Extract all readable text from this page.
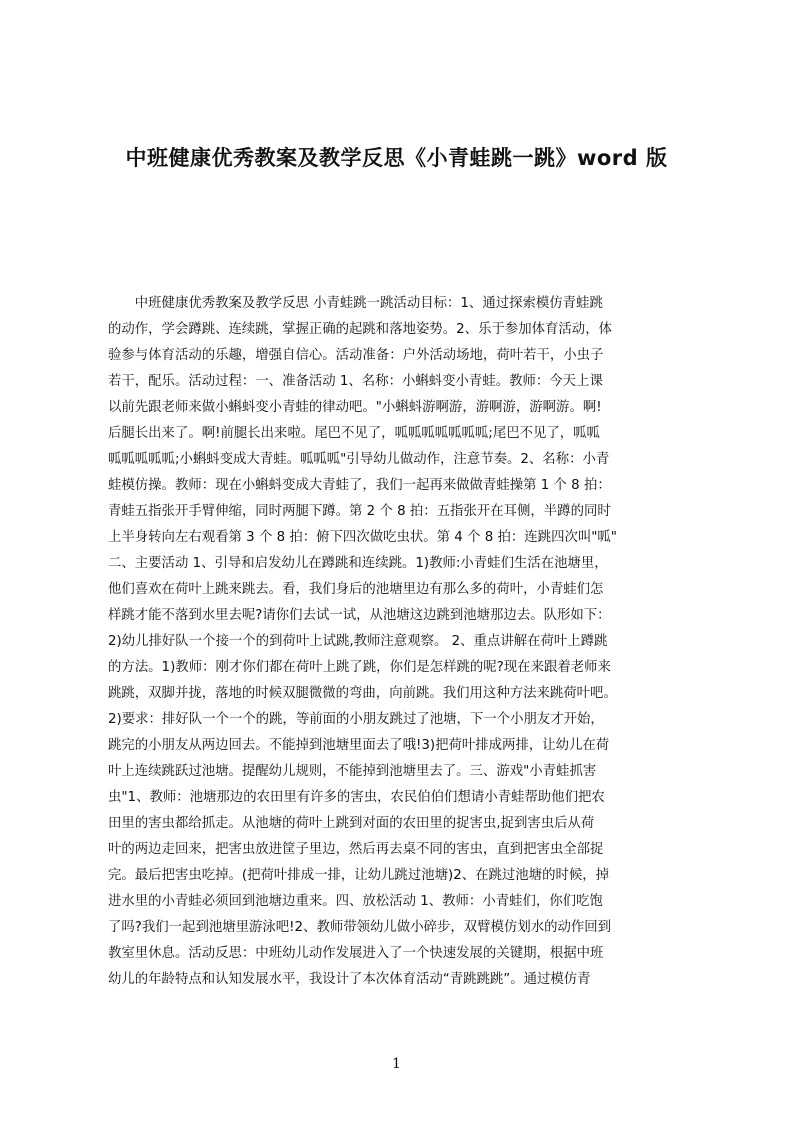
中班健康优秀教案及教学反思《小青蛙跳一跳》word 版
　　中班健康优秀教案及教学反思 小青蛙跳一跳活动目标：1、通过探索模仿青蛙跳
的动作，学会蹲跳、连续跳，掌握正确的起跳和落地姿势。2、乐于参加体育活动，体
验参与体育活动的乐趣，增强自信心。活动准备：户外活动场地，荷叶若干，小虫子
若干，配乐。活动过程：一、准备活动 1、名称：小蝌蚪变小青蛙。教师：今天上课
以前先跟老师来做小蝌蚪变小青蛙的律动吧。"小蝌蚪游啊游，游啊游，游啊游。啊!
后腿长出来了。啊!前腿长出来啦。尾巴不见了，呱呱呱呱呱呱呱;尾巴不见了，呱呱
呱呱呱呱呱;小蝌蚪变成大青蛙。呱呱呱"引导幼儿做动作，注意节奏。2、名称：小青
蛙模仿操。教师：现在小蝌蚪变成大青蛙了，我们一起再来做做青蛙操第 1 个 8 拍：
青蛙五指张开手臂伸缩，同时两腿下蹲。第 2 个 8 拍：五指张开在耳侧，半蹲的同时
上半身转向左右观看第 3 个 8 拍：俯下四次做吃虫状。第 4 个 8 拍：连跳四次叫"呱"
二、主要活动 1、引导和启发幼儿在蹲跳和连续跳。1)教师:小青蛙们生活在池塘里，
他们喜欢在荷叶上跳来跳去。看，我们身后的池塘里边有那么多的荷叶，小青蛙们怎
样跳才能不落到水里去呢?请你们去试一试，从池塘这边跳到池塘那边去。队形如下：
2)幼儿排好队一个接一个的到荷叶上试跳,教师注意观察。 2、重点讲解在荷叶上蹲跳
的方法。1)教师：刚才你们都在荷叶上跳了跳，你们是怎样跳的呢?现在来跟着老师来
跳跳，双脚并拢，落地的时候双腿微微的弯曲，向前跳。我们用这种方法来跳荷叶吧。
2)要求：排好队一个一个的跳，等前面的小朋友跳过了池塘，下一个小朋友才开始，
跳完的小朋友从两边回去。不能掉到池塘里面去了哦!3)把荷叶排成两排，让幼儿在荷
叶上连续跳跃过池塘。提醒幼儿规则，不能掉到池塘里去了。三、游戏"小青蛙抓害
虫"1、教师：池塘那边的农田里有许多的害虫，农民伯伯们想请小青蛙帮助他们把农
田里的害虫都给抓走。从池塘的荷叶上跳到对面的农田里的捉害虫,捉到害虫后从荷
叶的两边走回来，把害虫放进筐子里边，然后再去桌不同的害虫，直到把害虫全部捉
完。最后把害虫吃掉。(把荷叶排成一排，让幼儿跳过池塘)2、在跳过池塘的时候，掉
进水里的小青蛙必须回到池塘边重来。四、放松活动 1、教师：小青蛙们，你们吃饱
了吗?我们一起到池塘里游泳吧!2、教师带领幼儿做小碎步，双臂模仿划水的动作回到
教室里休息。活动反思：中班幼儿动作发展进入了一个快速发展的关键期，根据中班
幼儿的年龄特点和认知发展水平，我设计了本次体育活动“青跳跳跳”。通过模仿青
1
